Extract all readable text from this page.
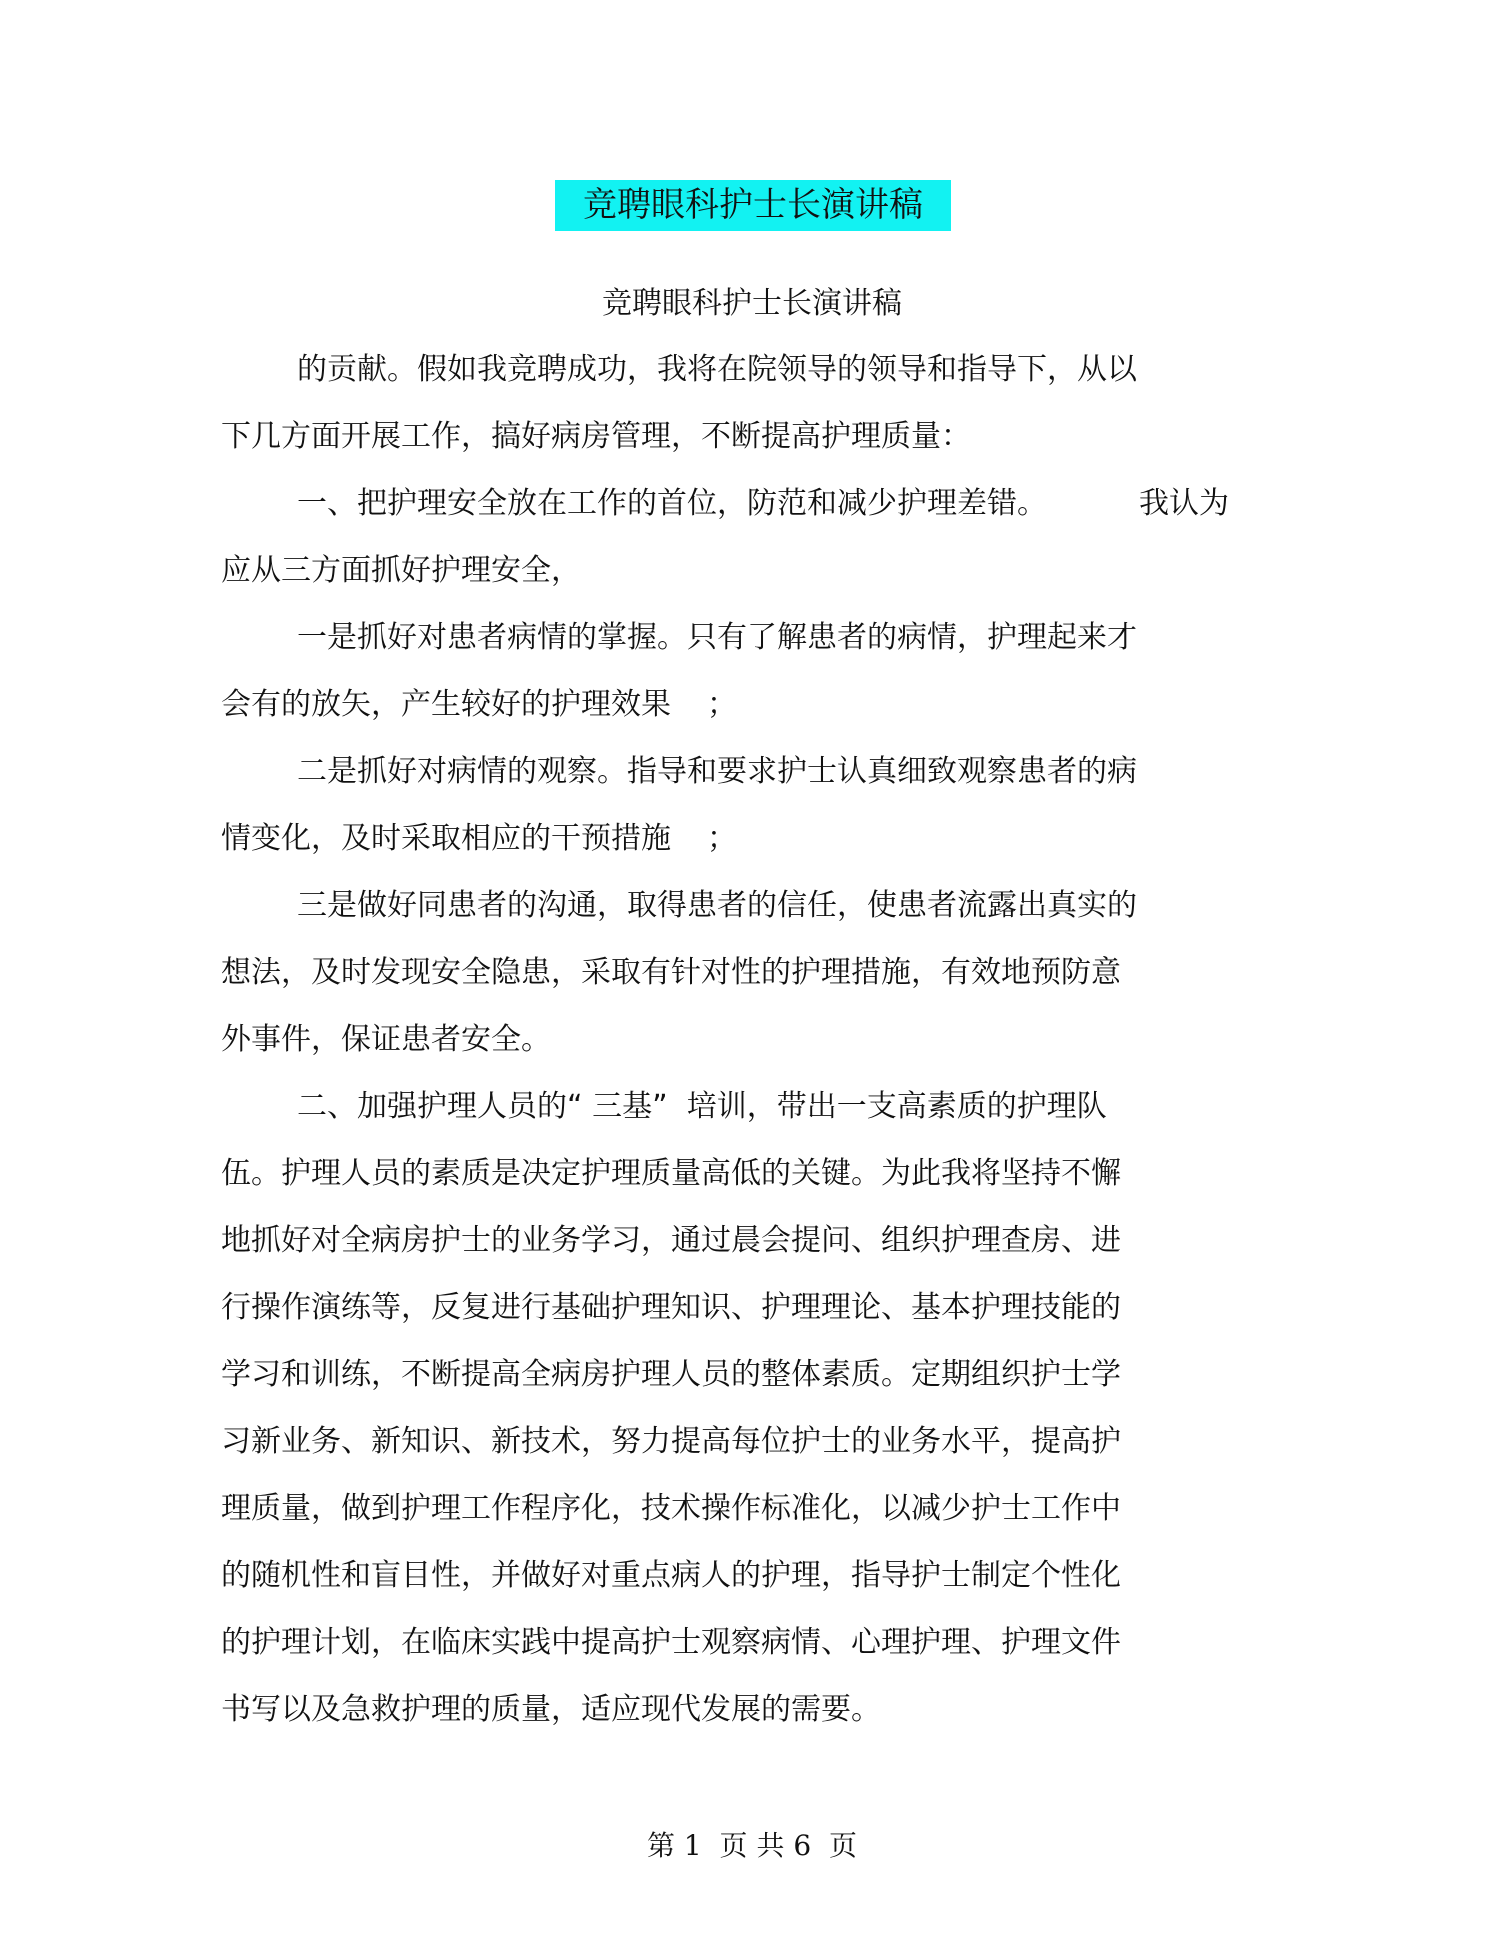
竞聘眼科护士长演讲稿
竞聘眼科护士长演讲稿
的贡献。假如我竞聘成功，我将在院领导的领导和指导下，从以
下几方面开展工作，搞好病房管理，不断提高护理质量：
一、把护理安全放在工作的首位，防范和减少护理差错。	我认为
应从三方面抓好护理安全，
一是抓好对患者病情的掌握。只有了解患者的病情，护理起来才
会有的放矢，产生较好的护理效果 ；
二是抓好对病情的观察。指导和要求护士认真细致观察患者的病
情变化，及时采取相应的干预措施 ；
三是做好同患者的沟通，取得患者的信任，使患者流露出真实的
想法，及时发现安全隐患，采取有针对性的护理措施，有效地预防意
外事件，保证患者安全。
二、加强护理人员的“ 三基”  培训，带出一支高素质的护理队
伍。护理人员的素质是决定护理质量高低的关键。为此我将坚持不懈
地抓好对全病房护士的业务学习，通过晨会提问、组织护理查房、进
行操作演练等，反复进行基础护理知识、护理理论、基本护理技能的
学习和训练，不断提高全病房护理人员的整体素质。定期组织护士学
习新业务、新知识、新技术，努力提高每位护士的业务水平，提高护
理质量，做到护理工作程序化，技术操作标准化，以减少护士工作中
的随机性和盲目性，并做好对重点病人的护理，指导护士制定个性化
的护理计划，在临床实践中提高护士观察病情、心理护理、护理文件
书写以及急救护理的质量，适应现代发展的需要。
第 1  页 共 6  页
